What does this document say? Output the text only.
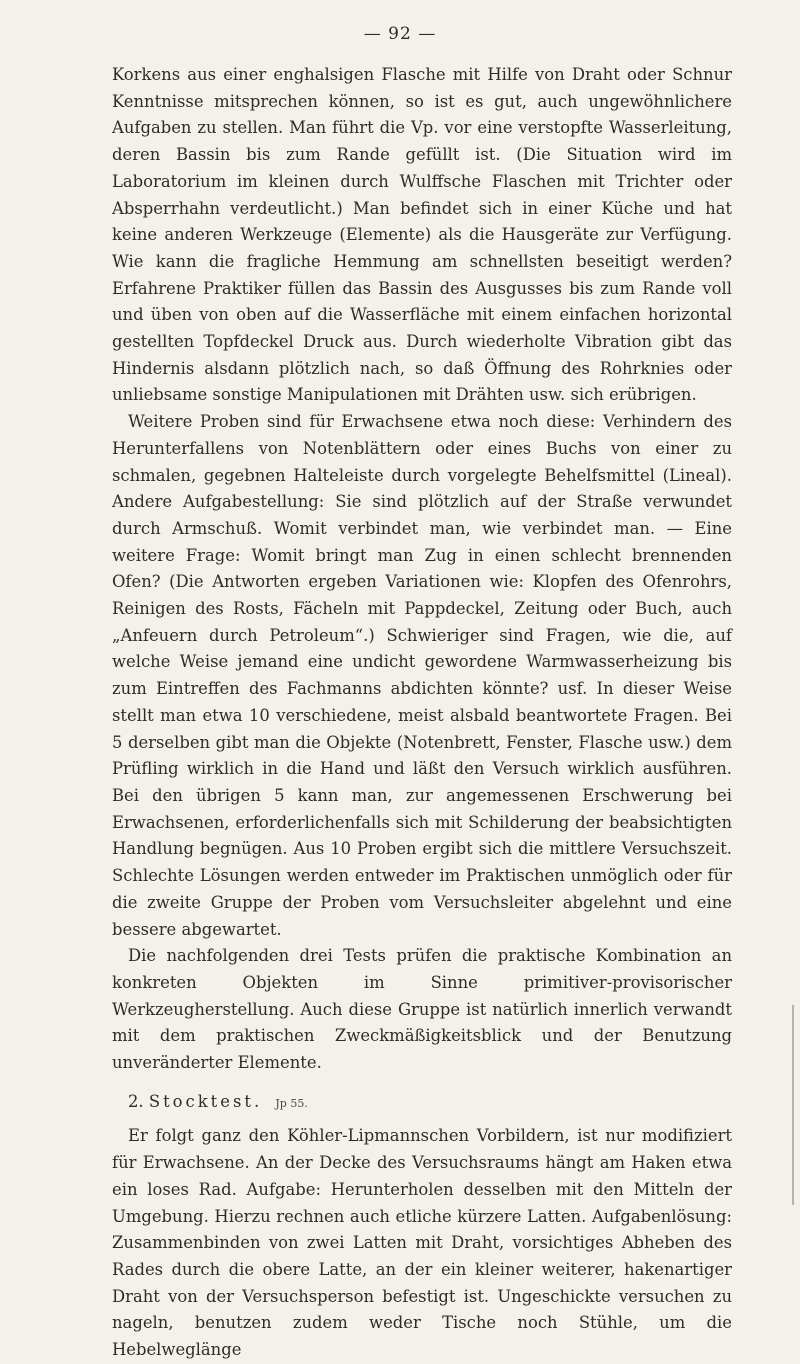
— 92 —

Korkens aus einer enghalsigen Flasche mit Hilfe von Draht oder Schnur Kenntnisse mitsprechen können, so ist es gut, auch ungewöhnlichere Aufgaben zu stellen. Man führt die Vp. vor eine verstopfte Wasserleitung, deren Bassin bis zum Rande gefüllt ist. (Die Situation wird im Laboratorium im kleinen durch Wulffsche Flaschen mit Trichter oder Absperrhahn verdeutlicht.) Man befindet sich in einer Küche und hat keine anderen Werkzeuge (Elemente) als die Hausgeräte zur Verfügung. Wie kann die fragliche Hemmung am schnellsten beseitigt werden? Erfahrene Praktiker füllen das Bassin des Ausgusses bis zum Rande voll und üben von oben auf die Wasserfläche mit einem einfachen horizontal gestellten Topfdeckel Druck aus. Durch wiederholte Vibration gibt das Hindernis alsdann plötzlich nach, so daß Öffnung des Rohrknies oder unliebsame sonstige Manipulationen mit Drähten usw. sich erübrigen.

Weitere Proben sind für Erwachsene etwa noch diese: Verhindern des Herunterfallens von Notenblättern oder eines Buchs von einer zu schmalen, gegebnen Halteleiste durch vorgelegte Behelfsmittel (Lineal). Andere Aufgabestellung: Sie sind plötzlich auf der Straße verwundet durch Armschuß. Womit verbindet man, wie verbindet man. — Eine weitere Frage: Womit bringt man Zug in einen schlecht brennenden Ofen? (Die Antworten ergeben Variationen wie: Klopfen des Ofenrohrs, Reinigen des Rosts, Fächeln mit Pappdeckel, Zeitung oder Buch, auch „Anfeuern durch Petroleum“.) Schwieriger sind Fragen, wie die, auf welche Weise jemand eine undicht gewordene Warmwasserheizung bis zum Eintreffen des Fachmanns abdichten könnte? usf. In dieser Weise stellt man etwa 10 verschiedene, meist alsbald beantwortete Fragen. Bei 5 derselben gibt man die Objekte (Notenbrett, Fenster, Flasche usw.) dem Prüfling wirklich in die Hand und läßt den Versuch wirklich ausführen. Bei den übrigen 5 kann man, zur angemessenen Erschwerung bei Erwachsenen, erforderlichenfalls sich mit Schilderung der beabsichtigten Handlung begnügen. Aus 10 Proben ergibt sich die mittlere Versuchszeit. Schlechte Lösungen werden entweder im Praktischen unmöglich oder für die zweite Gruppe der Proben vom Versuchsleiter abgelehnt und eine bessere abgewartet.

Die nachfolgenden drei Tests prüfen die praktische Kombination an konkreten Objekten im Sinne primitiver-provisorischer Werkzeugherstellung. Auch diese Gruppe ist natürlich innerlich verwandt mit dem praktischen Zweckmäßigkeitsblick und der Benutzung unveränderter Elemente.

2. Stocktest. Jp 55.

Er folgt ganz den Köhler-Lipmannschen Vorbildern, ist nur modifiziert für Erwachsene. An der Decke des Versuchsraums hängt am Haken etwa ein loses Rad. Aufgabe: Herunterholen desselben mit den Mitteln der Umgebung. Hierzu rechnen auch etliche kürzere Latten. Aufgabenlösung: Zusammenbinden von zwei Latten mit Draht, vorsichtiges Abheben des Rades durch die obere Latte, an der ein kleiner weiterer, hakenartiger Draht von der Versuchsperson befestigt ist. Ungeschickte versuchen zu nageln, benutzen zudem weder Tische noch Stühle, um die Hebelweglänge
